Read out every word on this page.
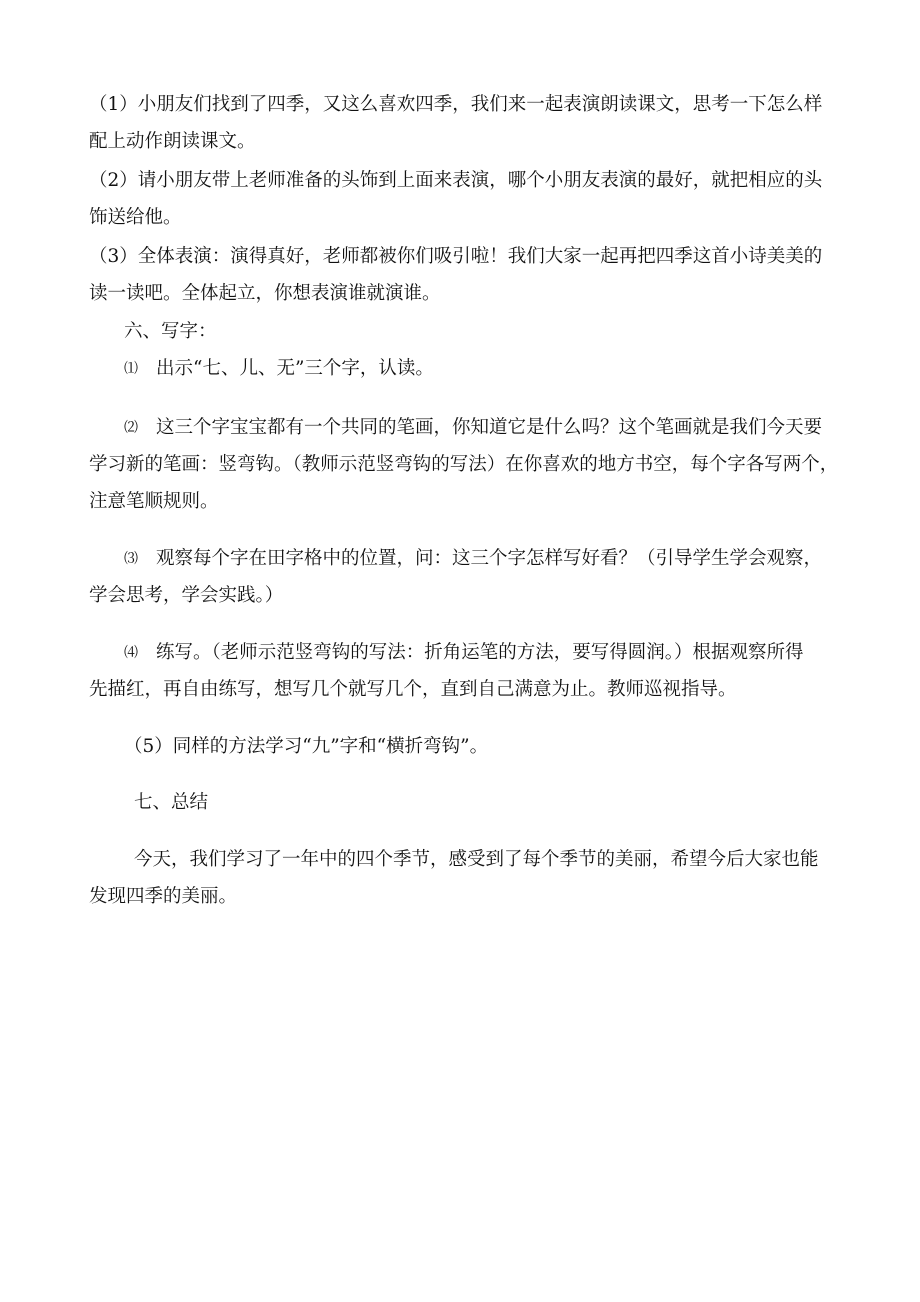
（1）小朋友们找到了四季，又这么喜欢四季，我们来一起表演朗读课文，思考一下怎么样

配上动作朗读课文。

（2）请小朋友带上老师准备的头饰到上面来表演，哪个小朋友表演的最好，就把相应的头

饰送给他。

（3）全体表演：演得真好，老师都被你们吸引啦！我们大家一起再把四季这首小诗美美的

读一读吧。全体起立，你想表演谁就演谁。

六、写字：

⑴ 出示“七、儿、无”三个字，认读。

⑵ 这三个字宝宝都有一个共同的笔画，你知道它是什么吗？这个笔画就是我们今天要

学习新的笔画：竖弯钩。（教师示范竖弯钩的写法）在你喜欢的地方书空，每个字各写两个，

注意笔顺规则。

⑶ 观察每个字在田字格中的位置，问：这三个字怎样写好看？（引导学生学会观察，

学会思考，学会实践。）

⑷ 练写。（老师示范竖弯钩的写法：折角运笔的方法，要写得圆润。）根据观察所得

先描红，再自由练写，想写几个就写几个，直到自己满意为止。教师巡视指导。

（5）同样的方法学习“九”字和“横折弯钩”。

七、总结

今天，我们学习了一年中的四个季节，感受到了每个季节的美丽，希望今后大家也能

发现四季的美丽。
